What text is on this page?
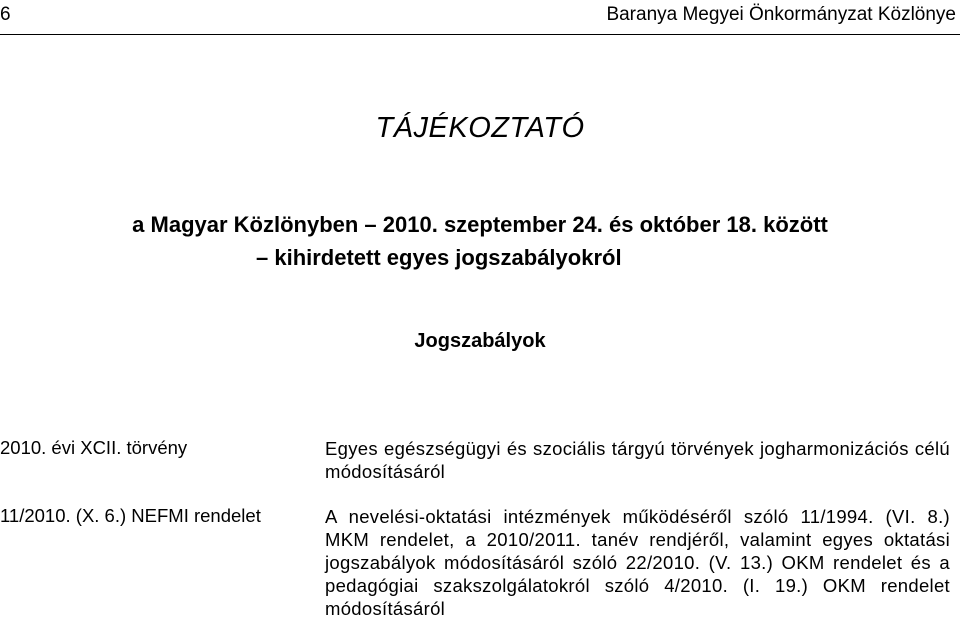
6	Baranya Megyei Önkormányzat Közlönye
TÁJÉKOZTATÓ
a Magyar Közlönyben – 2010. szeptember 24. és október 18. között
– kihirdetett egyes jogszabályokról
Jogszabályok
2010. évi XCII. törvény	Egyes egészségügyi és szociális tárgyú törvények jogharmonizációs célú módosításáról
11/2010. (X. 6.) NEFMI rendelet	A nevelési-oktatási intézmények működéséről szóló 11/1994. (VI. 8.) MKM rendelet, a 2010/2011. tanév rendjéről, valamint egyes oktatási jogszabályok módosításáról szóló 22/2010. (V. 13.) OKM rendelet és a pedagógiai szakszolgálatokról szóló 4/2010. (I. 19.) OKM rendelet módosításáról
